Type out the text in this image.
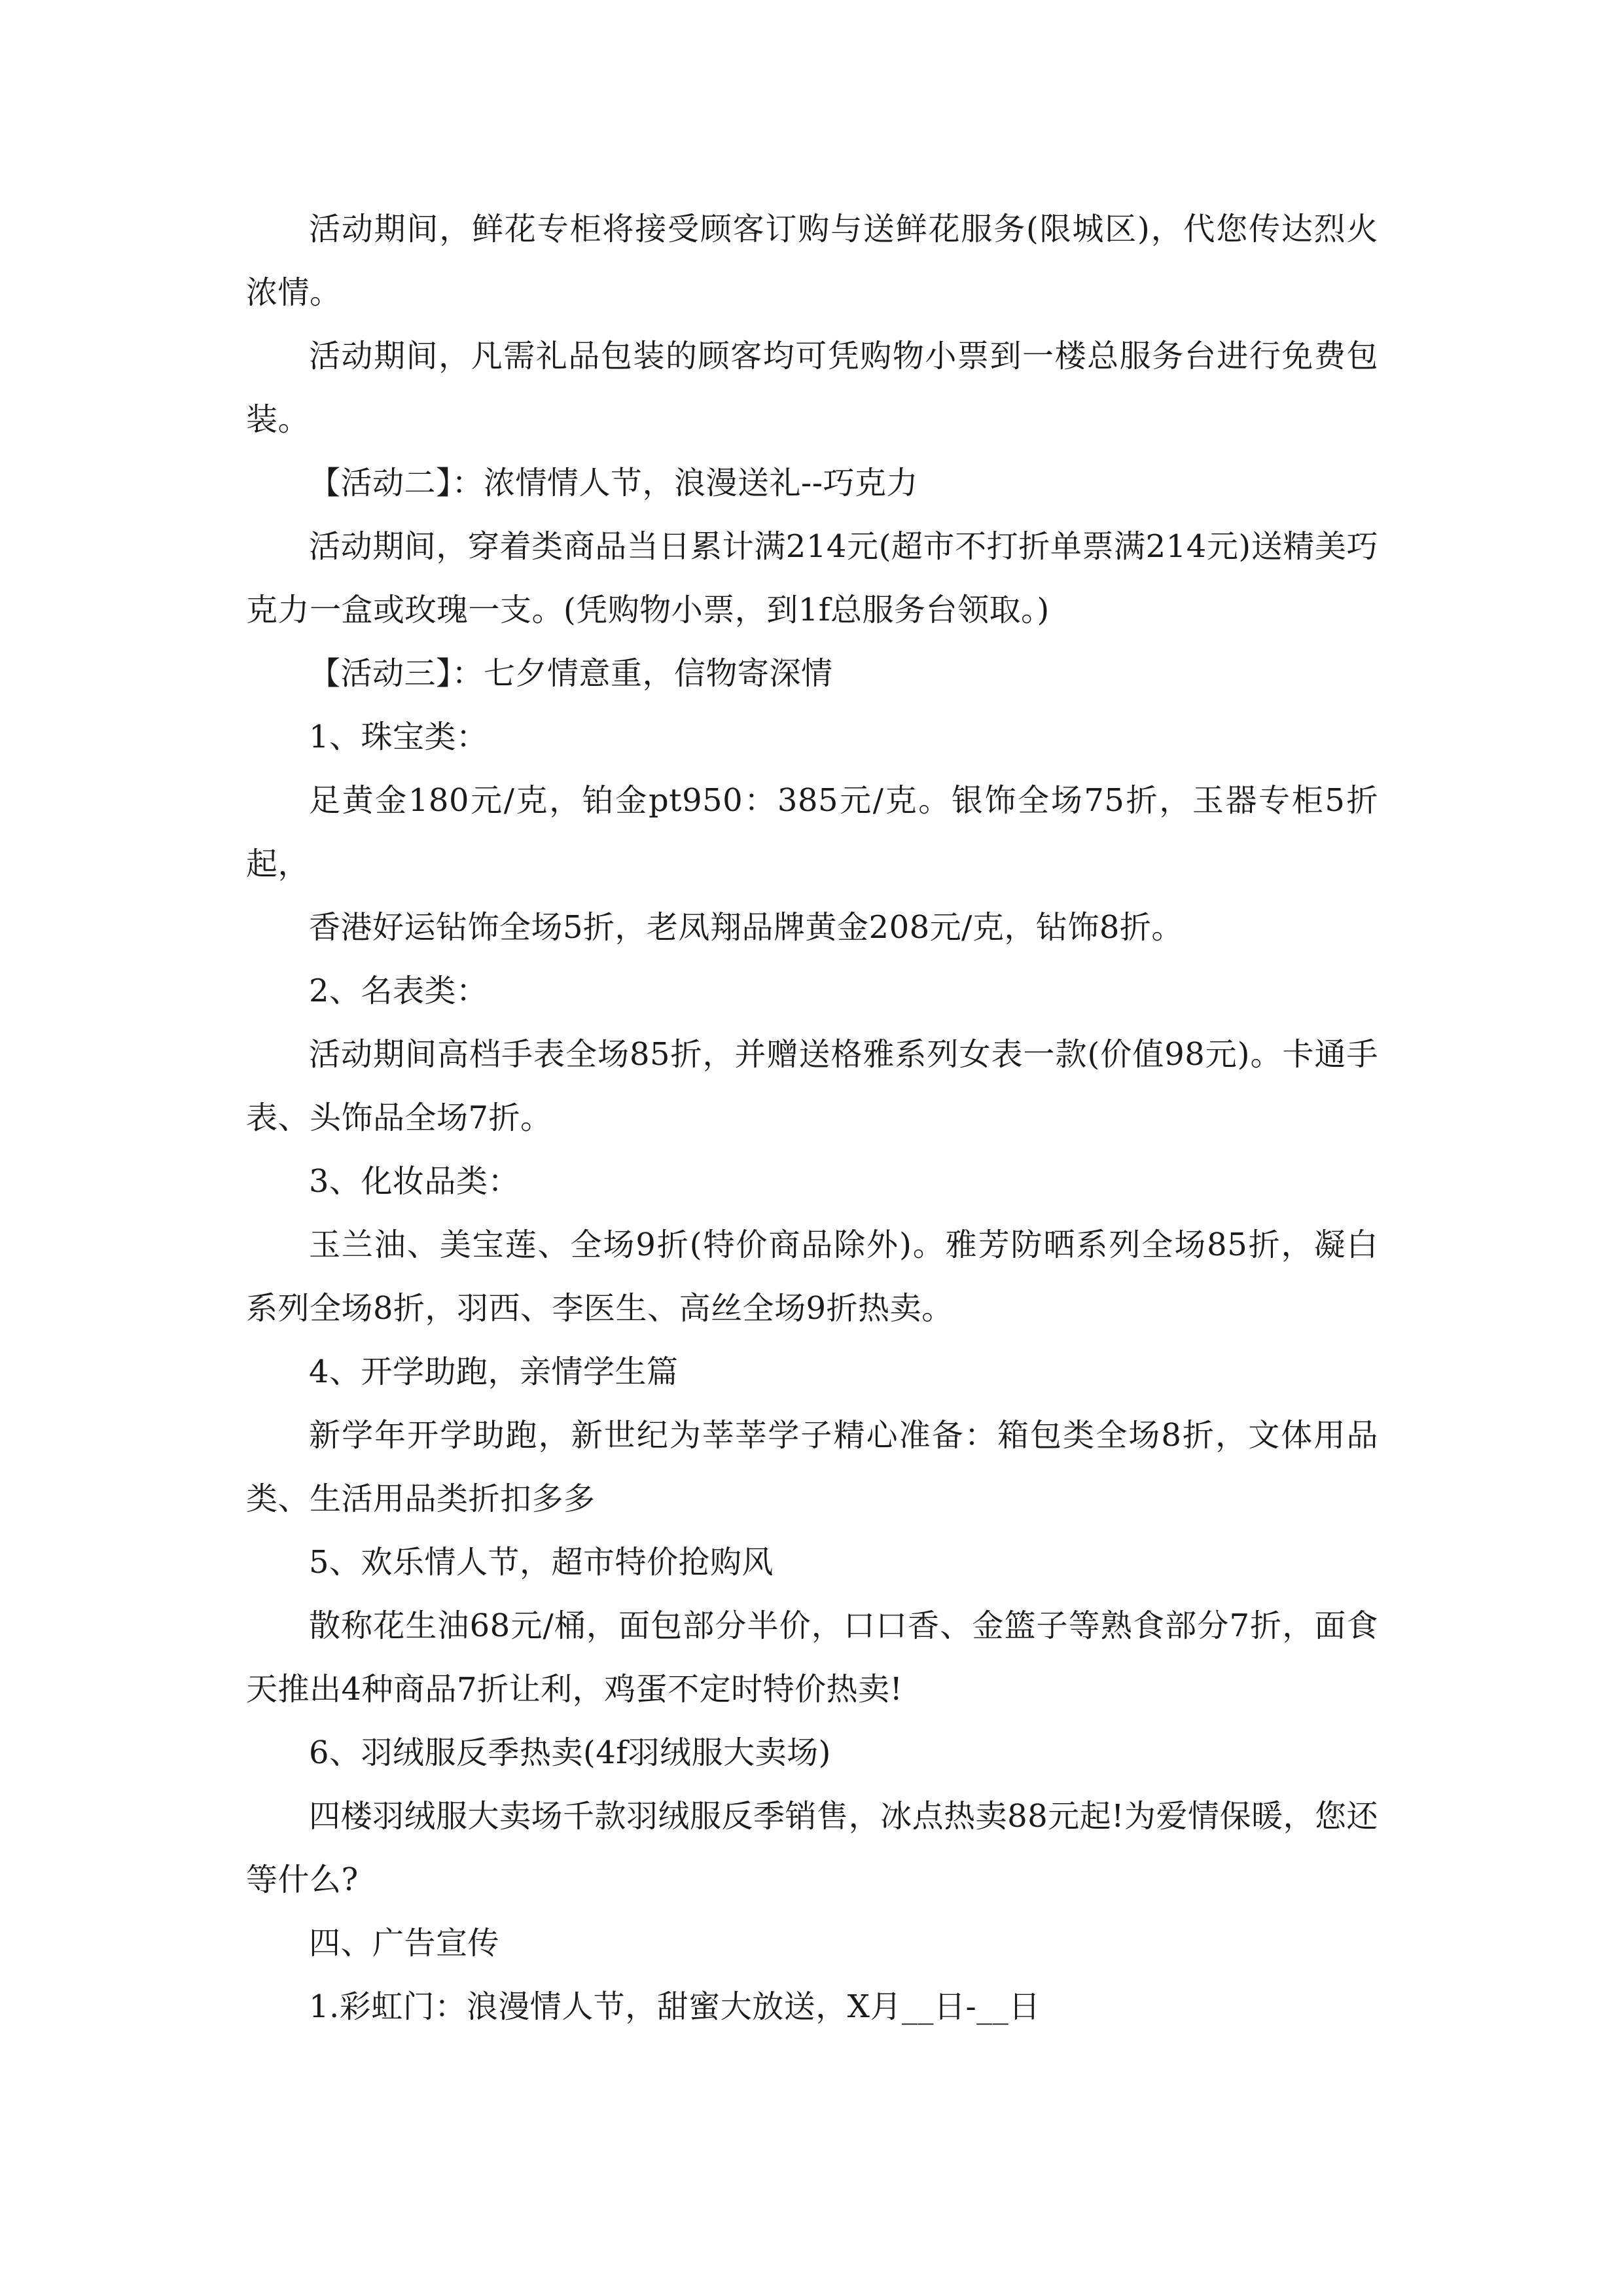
活动期间，鲜花专柜将接受顾客订购与送鲜花服务(限城区)，代您传达烈火浓情。

活动期间，凡需礼品包装的顾客均可凭购物小票到一楼总服务台进行免费包装。

【活动二】：浓情情人节，浪漫送礼--巧克力

活动期间，穿着类商品当日累计满214元(超市不打折单票满214元)送精美巧克力一盒或玫瑰一支。(凭购物小票，到1f总服务台领取。)

【活动三】：七夕情意重，信物寄深情

1、珠宝类：

足黄金180元/克，铂金pt950：385元/克。银饰全场75折，玉器专柜5折起，

香港好运钻饰全场5折，老凤翔品牌黄金208元/克，钻饰8折。

2、名表类：

活动期间高档手表全场85折，并赠送格雅系列女表一款(价值98元)。卡通手表、头饰品全场7折。

3、化妆品类：

玉兰油、美宝莲、全场9折(特价商品除外)。雅芳防晒系列全场85折，凝白系列全场8折，羽西、李医生、高丝全场9折热卖。

4、开学助跑，亲情学生篇

新学年开学助跑，新世纪为莘莘学子精心准备：箱包类全场8折，文体用品类、生活用品类折扣多多

5、欢乐情人节，超市特价抢购风

散称花生油68元/桶，面包部分半价，口口香、金篮子等熟食部分7折，面食天推出4种商品7折让利，鸡蛋不定时特价热卖!

6、羽绒服反季热卖(4f羽绒服大卖场)

四楼羽绒服大卖场千款羽绒服反季销售，冰点热卖88元起!为爱情保暖，您还等什么?

四、广告宣传

1.彩虹门：浪漫情人节，甜蜜大放送，X月__日-__日
